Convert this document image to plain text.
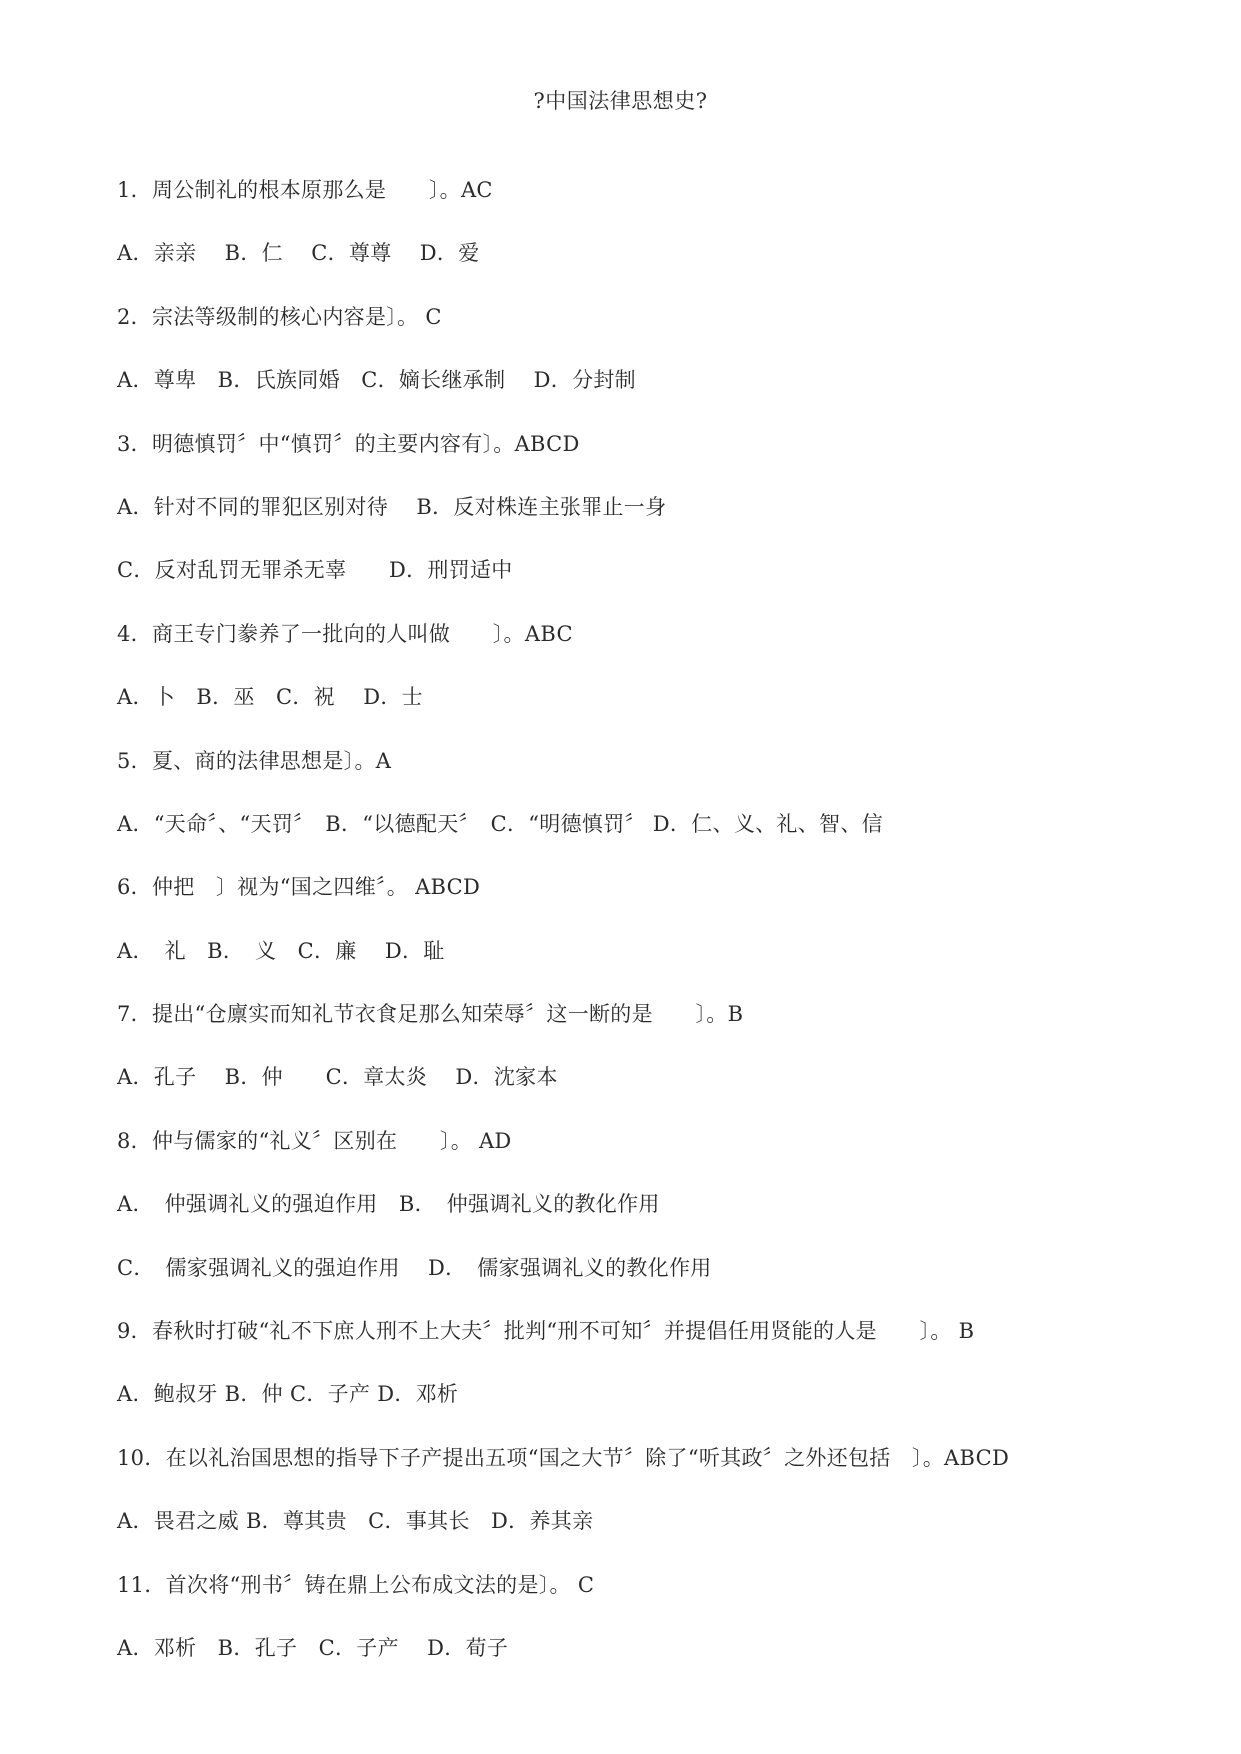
?中国法律思想史?
1．周公制礼的根本原那么是　　〕。AC
A．亲亲　 B．仁　 C．尊尊　 D．爱
2．宗法等级制的核心内容是〕。 C
A．尊卑　B．氏族同婚　C．嫡长继承制　 D．分封制
3．明德慎罚〞中“慎罚〞的主要内容有〕。ABCD
A．针对不同的罪犯区别对待　 B．反对株连主张罪止一身
C．反对乱罚无罪杀无辜　　D．刑罚适中
4．商王专门豢养了一批向的人叫做　　〕。ABC
A．卜　B．巫　C．祝　 D．士
5．夏、商的法律思想是〕。A
A．“天命〞、“天罚〞　B．“以德配天〞　C．“明德慎罚〞 D．仁、义、礼、智、信
6．仲把　〕视为“国之四维〞。 ABCD
A．　礼　B．　义　C．廉　 D．耻
7．提出“仓廪实而知礼节衣食足那么知荣辱〞这一断的是　　〕。B
A．孔子　 B．仲　　C．章太炎　 D．沈家本
8．仲与儒家的“礼义〞区别在　　〕。 AD
A．　仲强调礼义的强迫作用　B．　仲强调礼义的教化作用
C．　儒家强调礼义的强迫作用　 D．　儒家强调礼义的教化作用
9．春秋时打破“礼不下庶人刑不上大夫〞批判“刑不可知〞并提倡任用贤能的人是　　〕。 B
A．鲍叔牙 B．仲 C．子产 D．邓析
10．在以礼治国思想的指导下子产提出五项“国之大节〞除了“听其政〞之外还包括　〕。ABCD
A．畏君之威 B．尊其贵　C．事其长　D．养其亲
11．首次将“刑书〞铸在鼎上公布成文法的是〕。 C
A．邓析　B．孔子　C．子产　 D．荀子
